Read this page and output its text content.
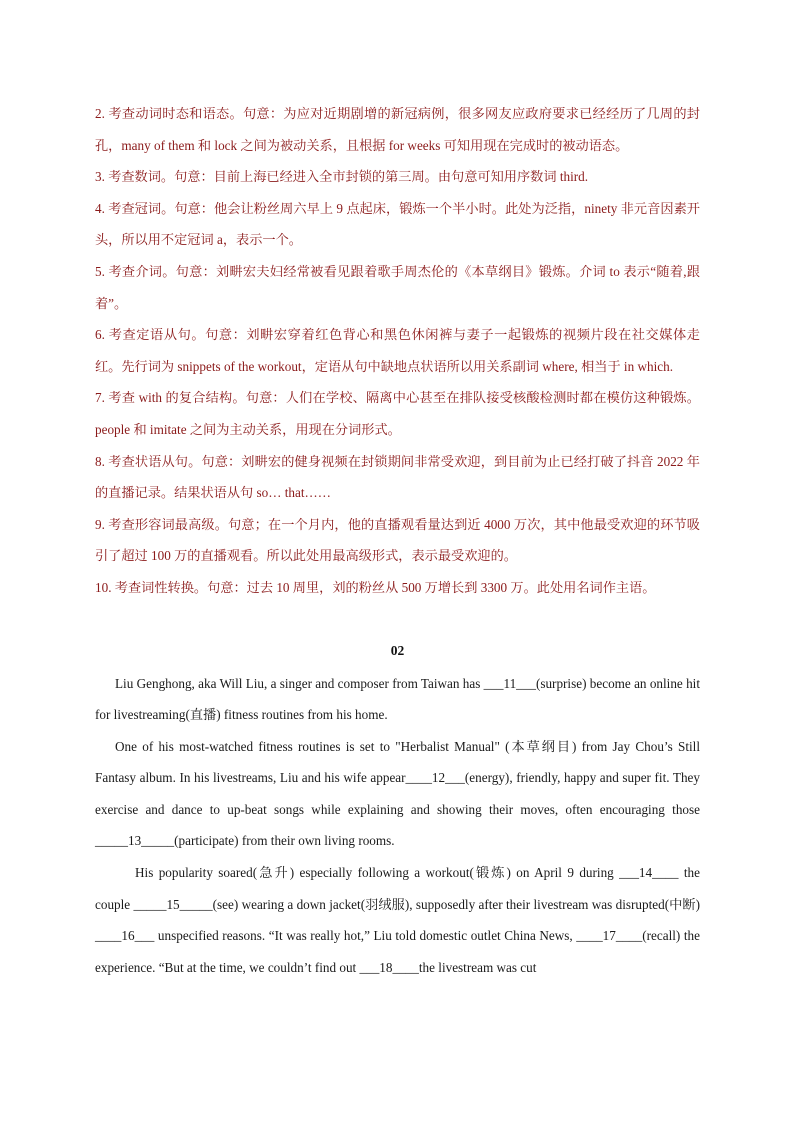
2. 考查动词时态和语态。句意：为应对近期剧增的新冠病例，很多网友应政府要求已经经历了几周的封孔，many of them 和 lock 之间为被动关系，且根据 for weeks 可知用现在完成时的被动语态。

3. 考查数词。句意：目前上海已经进入全市封锁的第三周。由句意可知用序数词 third.

4. 考查冠词。句意：他会让粉丝周六早上 9 点起床，锻炼一个半小时。此处为泛指，ninety 非元音因素开头，所以用不定冠词 a，表示一个。

5. 考查介词。句意：刘畊宏夫妇经常被看见跟着歌手周杰伦的《本草纲目》锻炼。介词 to 表示“随着,跟着”。

6. 考查定语从句。句意：刘畊宏穿着红色背心和黑色休闲裤与妻子一起锻炼的视频片段在社交媒体走红。先行词为 snippets of the workout，定语从句中缺地点状语所以用关系副词 where, 相当于 in which.

7. 考查 with 的复合结构。句意：人们在学校、隔离中心甚至在排队接受核酸检测时都在模仿这种锻炼。people 和 imitate 之间为主动关系，用现在分词形式。

8. 考查状语从句。句意：刘畊宏的健身视频在封锁期间非常受欢迎，到目前为止已经打破了抖音 2022 年的直播记录。结果状语从句 so… that……

9. 考查形容词最高级。句意；在一个月内，他的直播观看量达到近 4000 万次，其中他最受欢迎的环节吸引了超过 100 万的直播观看。所以此处用最高级形式，表示最受欢迎的。

10. 考查词性转换。句意：过去 10 周里，刘的粉丝从 500 万增长到 3300 万。此处用名词作主语。

02

Liu Genghong, aka Will Liu, a singer and composer from Taiwan has ___11___(surprise) become an online hit for livestreaming(直播) fitness routines from his home.

One of his most-watched fitness routines is set to "Herbalist Manual" (本草纲目) from Jay Chou’s Still Fantasy album. In his livestreams, Liu and his wife appear____12___(energy), friendly, happy and super fit. They exercise and dance to up-beat songs while explaining and showing their moves, often encouraging those _____13_____(participate) from their own living rooms.

His popularity soared(急升) especially following a workout(锻炼) on April 9 during ___14____ the couple _____15_____(see) wearing a down jacket(羽绒服), supposedly after their livestream was disrupted(中断) ____16___ unspecified reasons. “It was really hot,” Liu told domestic outlet China News, ____17____(recall) the experience. “But at the time, we couldn’t find out ___18____the livestream was cut
